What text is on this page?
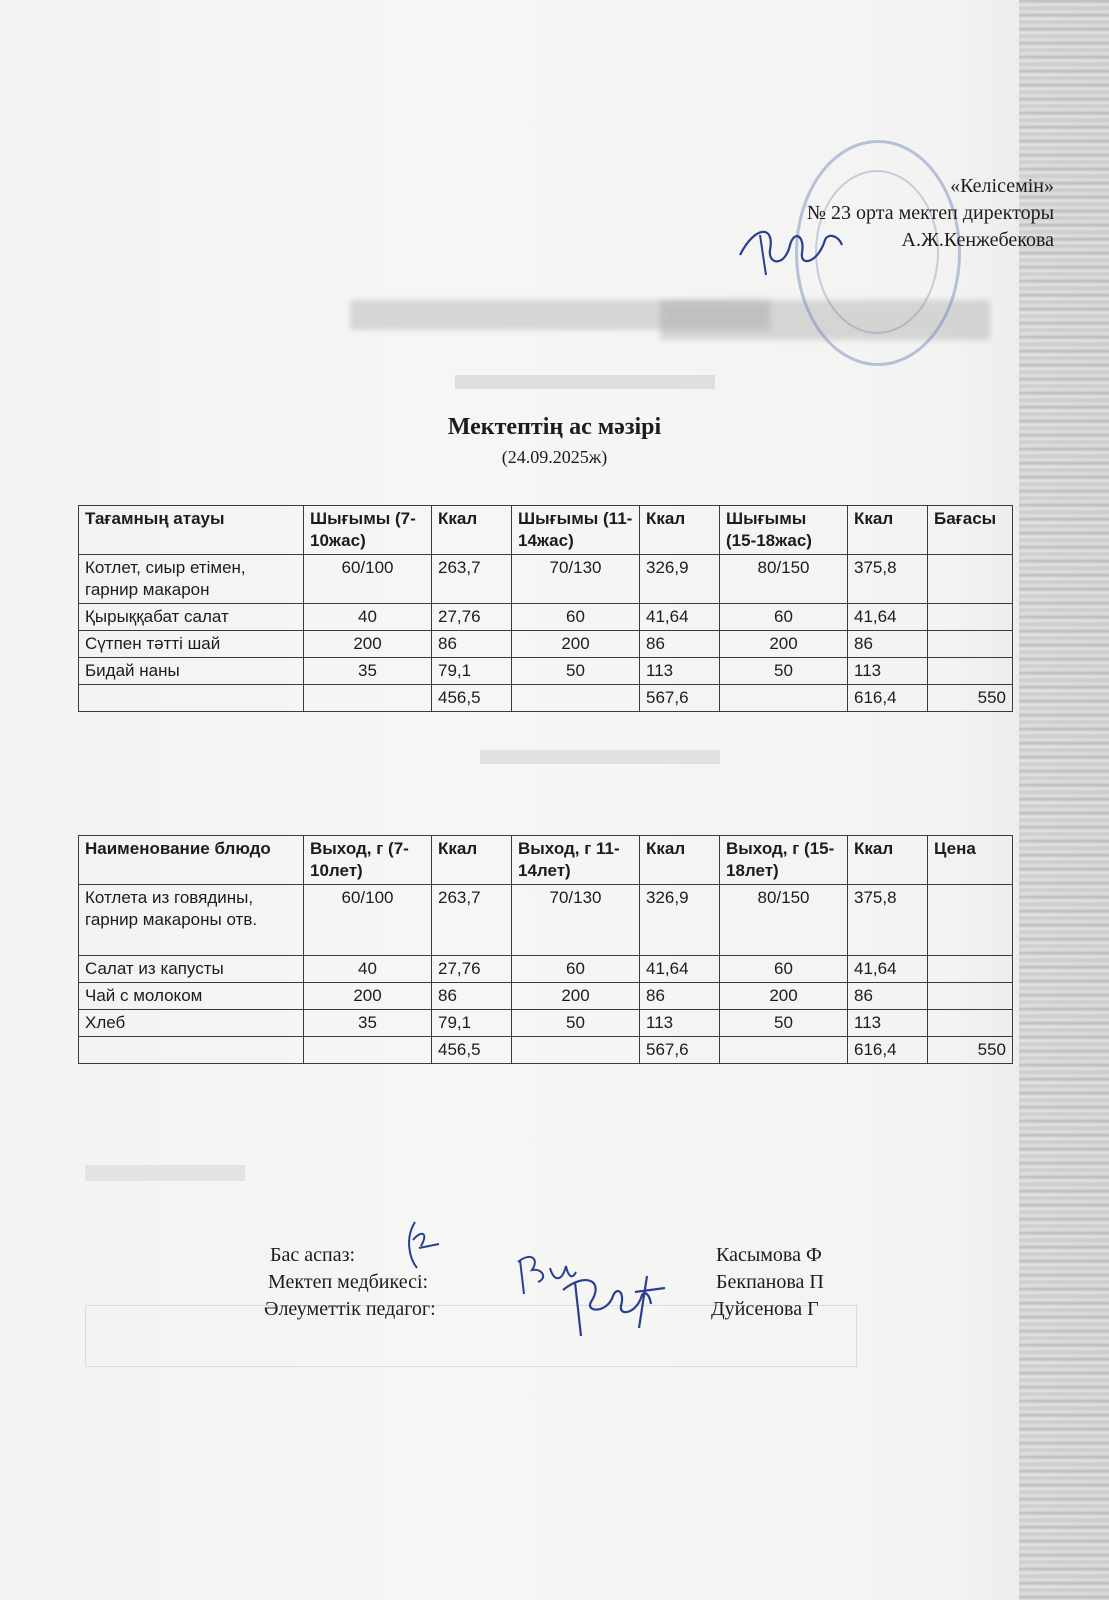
«Келісемін»
№ 23 орта мектеп директоры
А.Ж.Кенжебекова
Мектептің ас мәзірі
(24.09.2025ж)
Тағамның атауы	Шығымы (7-10жас)	Ккал	Шығымы (11-14жас)	Ккал	Шығымы (15-18жас)	Ккал	Бағасы
Котлет, сиыр етімен, гарнир макарон	60/100	263,7	70/130	326,9	80/150	375,8	
Қырыққабат салат	40	27,76	60	41,64	60	41,64	
Сүтпен тәтті шай	200	86	200	86	200	86	
Бидай наны	35	79,1	50	113	50	113	
		456,5		567,6		616,4	550
Наименование блюдо	Выход, г (7-10лет)	Ккал	Выход, г 11-14лет)	Ккал	Выход, г (15-18лет)	Ккал	Цена
Котлета из говядины, гарнир макароны отв.	60/100	263,7	70/130	326,9	80/150	375,8	
Салат из капусты	40	27,76	60	41,64	60	41,64	
Чай с молоком	200	86	200	86	200	86	
Хлеб	35	79,1	50	113	50	113	
		456,5		567,6		616,4	550
Бас аспаз:	Касымова Ф
Мектеп медбикесі:	Бекпанова П
Әлеуметтік педагог:	Дуйсенова Г
